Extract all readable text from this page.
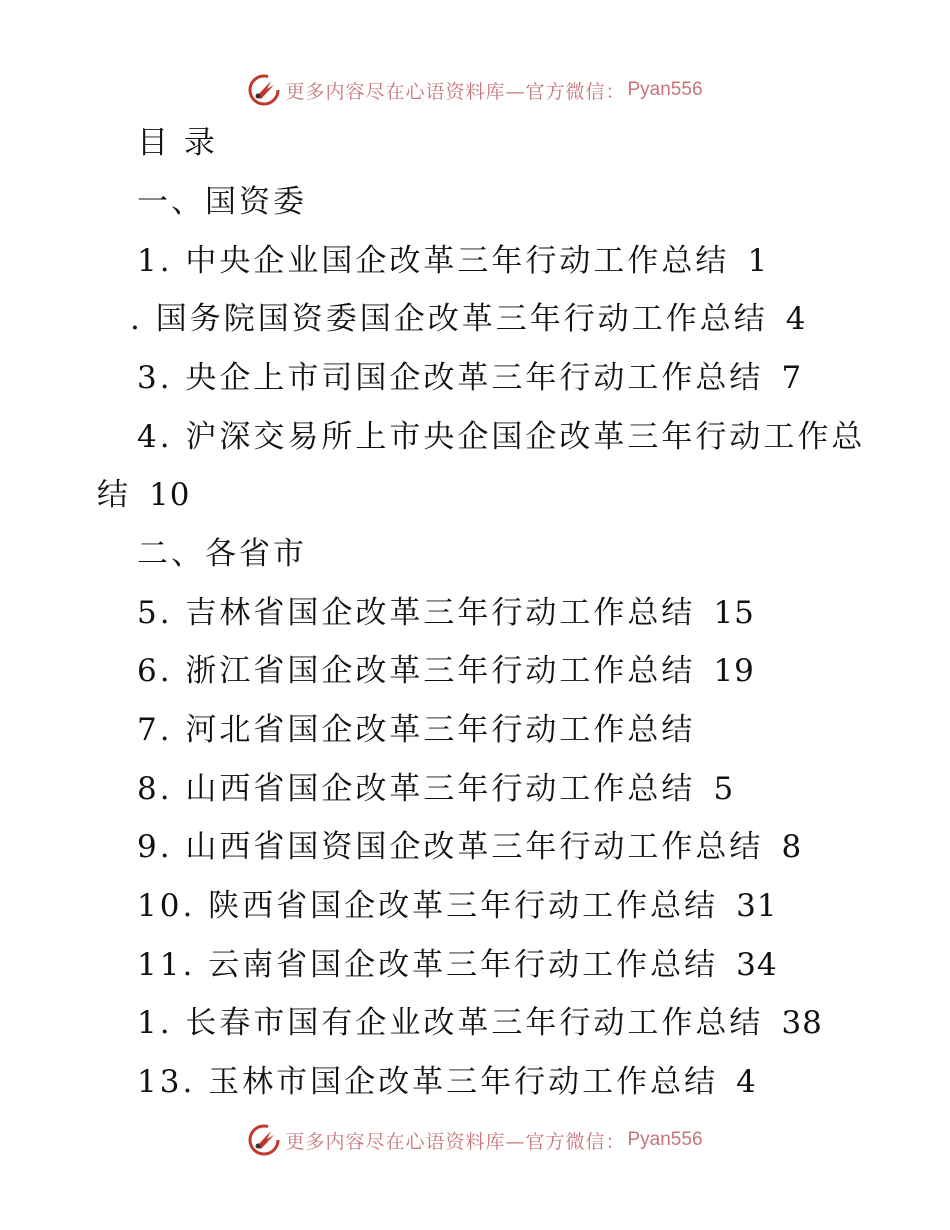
更多内容尽在心语资料库—官方微信： Pyan556
目 录
一、国资委
1. 中央企业国企改革三年行动工作总结 1
. 国务院国资委国企改革三年行动工作总结 4
3. 央企上市司国企改革三年行动工作总结 7
4. 沪深交易所上市央企国企改革三年行动工作总
结 10
二、各省市
5. 吉林省国企改革三年行动工作总结 15
6. 浙江省国企改革三年行动工作总结 19
7. 河北省国企改革三年行动工作总结
8. 山西省国企改革三年行动工作总结 5
9. 山西省国资国企改革三年行动工作总结 8
10. 陕西省国企改革三年行动工作总结 31
11. 云南省国企改革三年行动工作总结 34
1. 长春市国有企业改革三年行动工作总结 38
13. 玉林市国企改革三年行动工作总结 4
更多内容尽在心语资料库—官方微信： Pyan556
